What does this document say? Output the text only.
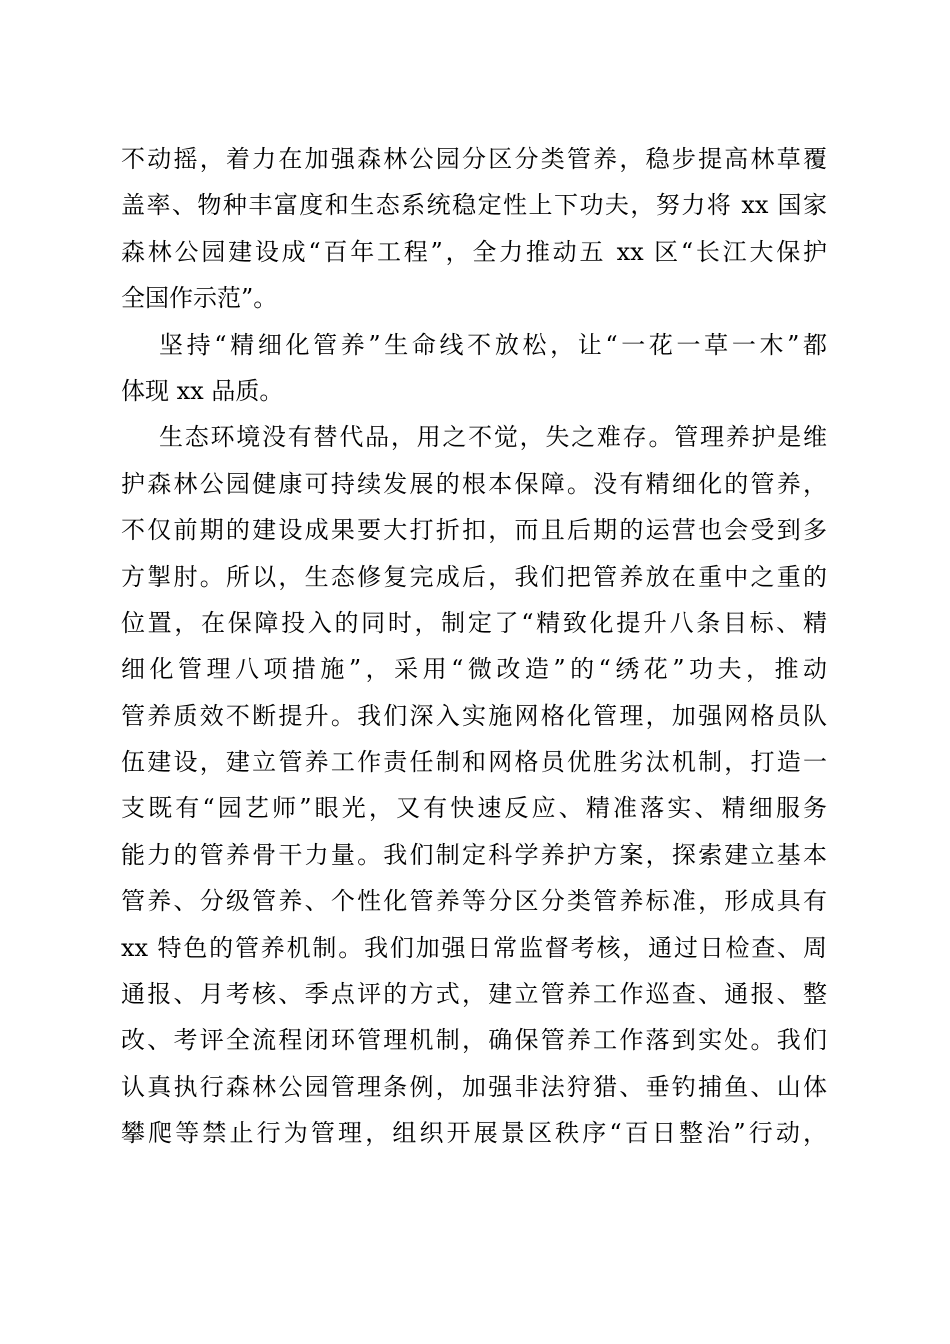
不动摇，着力在加强森林公园分区分类管养，稳步提高林草覆
盖率、物种丰富度和生态系统稳定性上下功夫，努力将 xx 国家
森林公园建设成“百年工程”，全力推动五 xx 区“长江大保护
全国作示范”。
坚持“精细化管养”生命线不放松，让“一花一草一木”都
体现 xx 品质。
生态环境没有替代品，用之不觉，失之难存。管理养护是维
护森林公园健康可持续发展的根本保障。没有精细化的管养，
不仅前期的建设成果要大打折扣，而且后期的运营也会受到多
方掣肘。所以，生态修复完成后，我们把管养放在重中之重的
位置，在保障投入的同时，制定了“精致化提升八条目标、精
细化管理八项措施”，采用“微改造”的“绣花”功夫，推动
管养质效不断提升。我们深入实施网格化管理，加强网格员队
伍建设，建立管养工作责任制和网格员优胜劣汰机制，打造一
支既有“园艺师”眼光，又有快速反应、精准落实、精细服务
能力的管养骨干力量。我们制定科学养护方案，探索建立基本
管养、分级管养、个性化管养等分区分类管养标准，形成具有
xx 特色的管养机制。我们加强日常监督考核，通过日检查、周
通报、月考核、季点评的方式，建立管养工作巡查、通报、整
改、考评全流程闭环管理机制，确保管养工作落到实处。我们
认真执行森林公园管理条例，加强非法狩猎、垂钓捕鱼、山体
攀爬等禁止行为管理，组织开展景区秩序“百日整治”行动，
